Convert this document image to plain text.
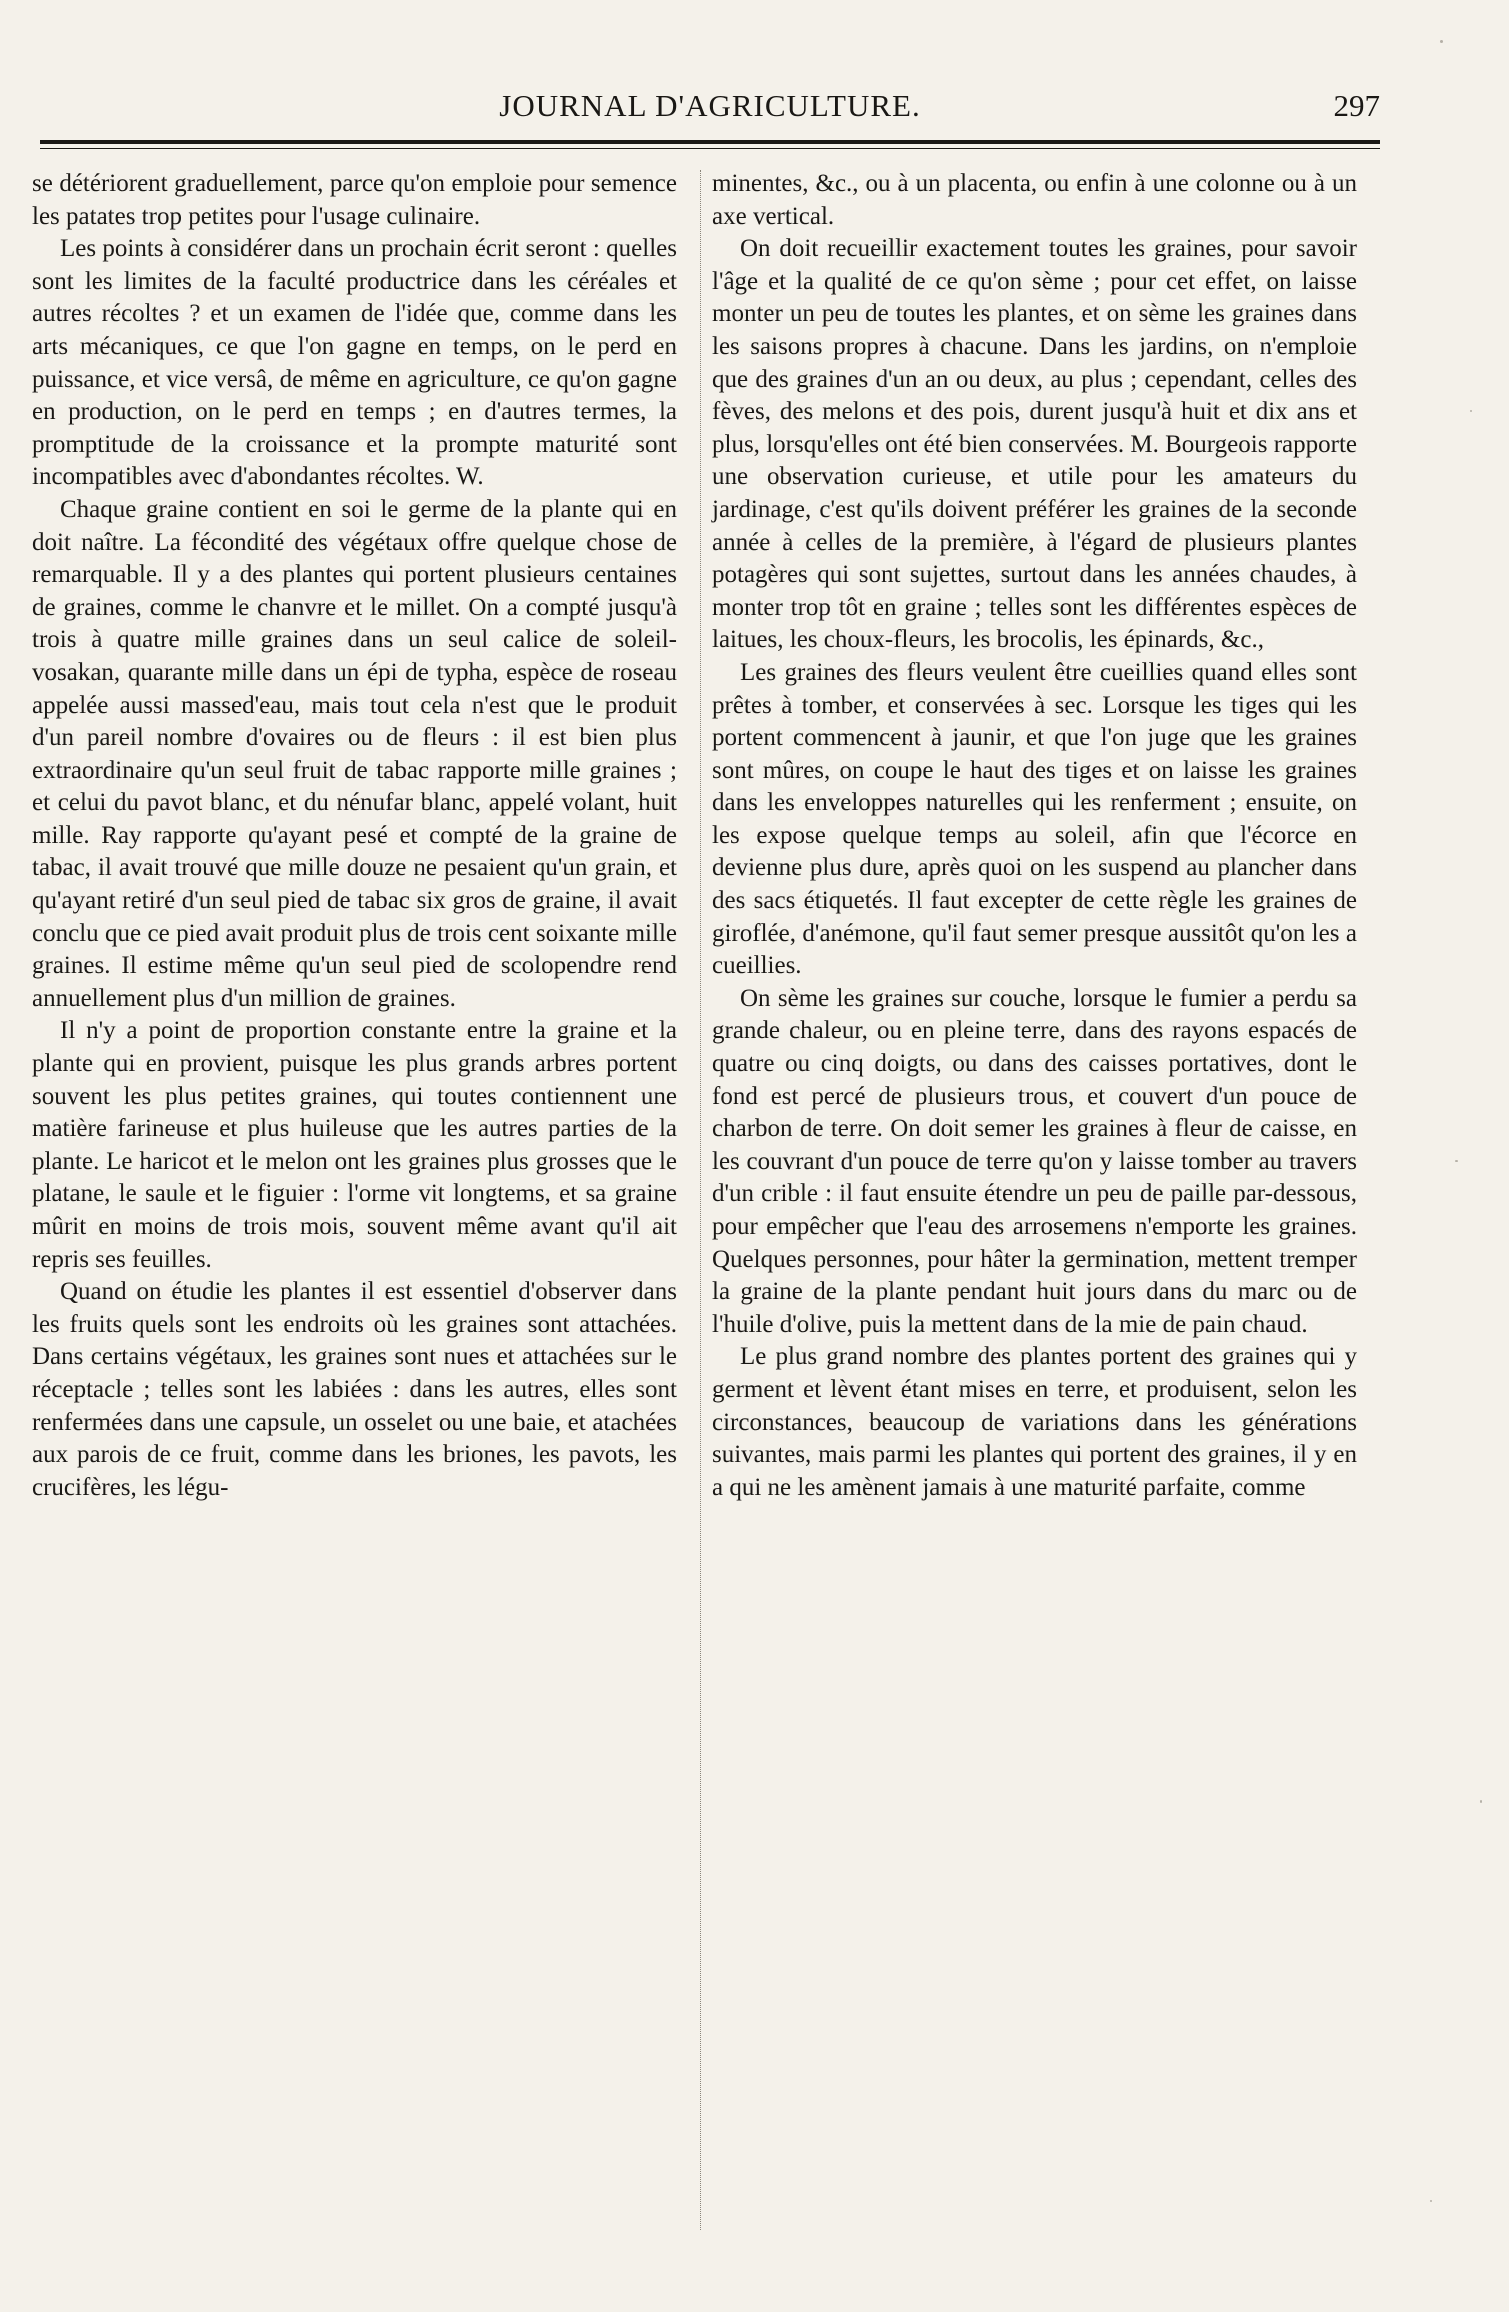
JOURNAL D'AGRICULTURE.	297

se détériorent graduellement, parce qu'on emploie pour semence les patates trop petites pour l'usage culinaire.

Les points à considérer dans un prochain écrit seront : quelles sont les limites de la faculté productrice dans les céréales et autres récoltes ? et un examen de l'idée que, comme dans les arts mécaniques, ce que l'on gagne en temps, on le perd en puissance, et vice versâ, de même en agriculture, ce qu'on gagne en production, on le perd en temps ; en d'autres termes, la promptitude de la croissance et la prompte maturité sont incompatibles avec d'abondantes récoltes. W.

Chaque graine contient en soi le germe de la plante qui en doit naître. La fécondité des végétaux offre quelque chose de remarquable. Il y a des plantes qui portent plusieurs centaines de graines, comme le chanvre et le millet. On a compté jusqu'à trois à quatre mille graines dans un seul calice de soleil-vosakan, quarante mille dans un épi de typha, espèce de roseau appelée aussi massed'eau, mais tout cela n'est que le produit d'un pareil nombre d'ovaires ou de fleurs : il est bien plus extraordinaire qu'un seul fruit de tabac rapporte mille graines ; et celui du pavot blanc, et du nénufar blanc, appelé volant, huit mille. Ray rapporte qu'ayant pesé et compté de la graine de tabac, il avait trouvé que mille douze ne pesaient qu'un grain, et qu'ayant retiré d'un seul pied de tabac six gros de graine, il avait conclu que ce pied avait produit plus de trois cent soixante mille graines. Il estime même qu'un seul pied de scolopendre rend annuellement plus d'un million de graines.

Il n'y a point de proportion constante entre la graine et la plante qui en provient, puisque les plus grands arbres portent souvent les plus petites graines, qui toutes contiennent une matière farineuse et plus huileuse que les autres parties de la plante. Le haricot et le melon ont les graines plus grosses que le platane, le saule et le figuier : l'orme vit longtems, et sa graine mûrit en moins de trois mois, souvent même avant qu'il ait repris ses feuilles.

Quand on étudie les plantes il est essentiel d'observer dans les fruits quels sont les endroits où les graines sont attachées. Dans certains végétaux, les graines sont nues et attachées sur le réceptacle ; telles sont les labiées : dans les autres, elles sont renfermées dans une capsule, un osselet ou une baie, et atachées aux parois de ce fruit, comme dans les briones, les pavots, les crucifères, les légu-

minentes, &c., ou à un placenta, ou enfin à une colonne ou à un axe vertical.

On doit recueillir exactement toutes les graines, pour savoir l'âge et la qualité de ce qu'on sème ; pour cet effet, on laisse monter un peu de toutes les plantes, et on sème les graines dans les saisons propres à chacune. Dans les jardins, on n'emploie que des graines d'un an ou deux, au plus ; cependant, celles des fèves, des melons et des pois, durent jusqu'à huit et dix ans et plus, lorsqu'elles ont été bien conservées. M. Bourgeois rapporte une observation curieuse, et utile pour les amateurs du jardinage, c'est qu'ils doivent préférer les graines de la seconde année à celles de la première, à l'égard de plusieurs plantes potagères qui sont sujettes, surtout dans les années chaudes, à monter trop tôt en graine ; telles sont les différentes espèces de laitues, les choux-fleurs, les brocolis, les épinards, &c.,

Les graines des fleurs veulent être cueillies quand elles sont prêtes à tomber, et conservées à sec. Lorsque les tiges qui les portent commencent à jaunir, et que l'on juge que les graines sont mûres, on coupe le haut des tiges et on laisse les graines dans les enveloppes naturelles qui les renferment ; ensuite, on les expose quelque temps au soleil, afin que l'écorce en devienne plus dure, après quoi on les suspend au plancher dans des sacs étiquetés. Il faut excepter de cette règle les graines de giroflée, d'anémone, qu'il faut semer presque aussitôt qu'on les a cueillies.

On sème les graines sur couche, lorsque le fumier a perdu sa grande chaleur, ou en pleine terre, dans des rayons espacés de quatre ou cinq doigts, ou dans des caisses portatives, dont le fond est percé de plusieurs trous, et couvert d'un pouce de charbon de terre. On doit semer les graines à fleur de caisse, en les couvrant d'un pouce de terre qu'on y laisse tomber au travers d'un crible : il faut ensuite étendre un peu de paille par-dessous, pour empêcher que l'eau des arrosemens n'emporte les graines. Quelques personnes, pour hâter la germination, mettent tremper la graine de la plante pendant huit jours dans du marc ou de l'huile d'olive, puis la mettent dans de la mie de pain chaud.

Le plus grand nombre des plantes portent des graines qui y germent et lèvent étant mises en terre, et produisent, selon les circonstances, beaucoup de variations dans les générations suivantes, mais parmi les plantes qui portent des graines, il y en a qui ne les amènent jamais à une maturité parfaite, comme
